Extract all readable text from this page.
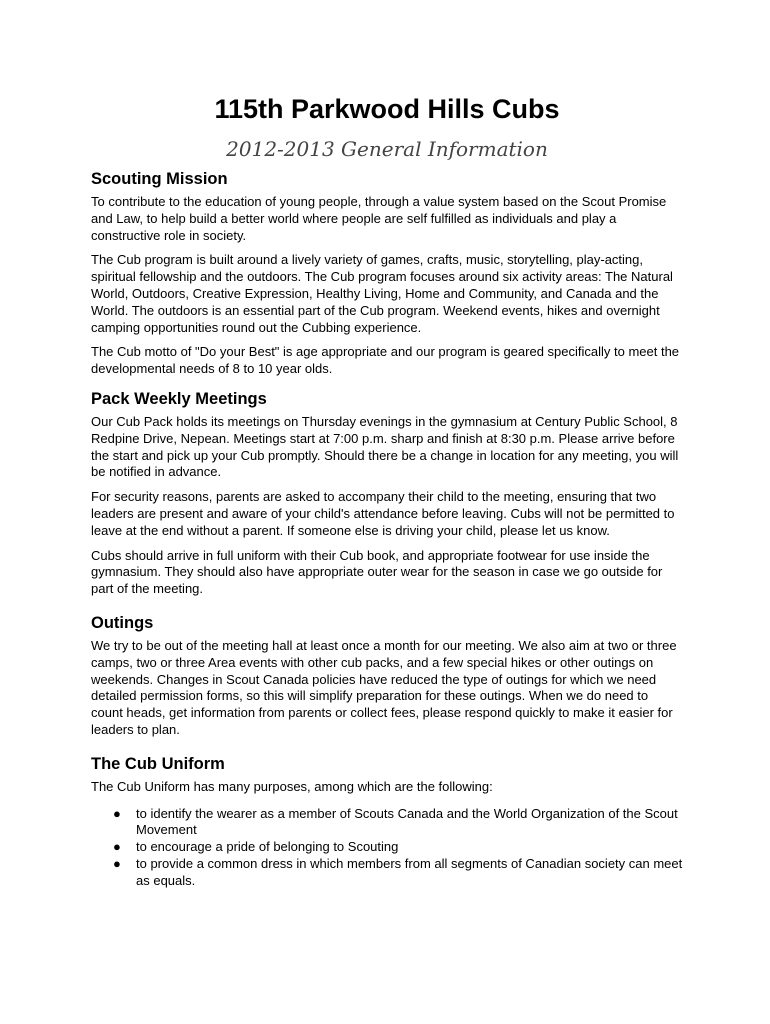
115th Parkwood Hills Cubs
2012-2013 General Information
Scouting Mission

To contribute to the education of young people, through a value system based on the Scout Promise and Law, to help build a better world where people are self fulfilled as individuals and play a constructive role in society.

The Cub program is built around a lively variety of games, crafts, music, storytelling, play-acting, spiritual fellowship and the outdoors. The Cub program focuses around six activity areas: The Natural World, Outdoors, Creative Expression, Healthy Living, Home and Community, and Canada and the World. The outdoors is an essential part of the Cub program. Weekend events, hikes and overnight camping opportunities round out the Cubbing experience.

The Cub motto of "Do your Best" is age appropriate and our program is geared specifically to meet the developmental needs of 8 to 10 year olds.

Pack Weekly Meetings

Our Cub Pack holds its meetings on Thursday evenings in the gymnasium at Century Public School, 8 Redpine Drive, Nepean. Meetings start at 7:00 p.m. sharp and finish at 8:30 p.m. Please arrive before the start and pick up your Cub promptly. Should there be a change in location for any meeting, you will be notified in advance.

For security reasons, parents are asked to accompany their child to the meeting, ensuring that two leaders are present and aware of your child's attendance before leaving. Cubs will not be permitted to leave at the end without a parent. If someone else is driving your child, please let us know.

Cubs should arrive in full uniform with their Cub book, and appropriate footwear for use inside the gymnasium. They should also have appropriate outer wear for the season in case we go outside for part of the meeting.

Outings

We try to be out of the meeting hall at least once a month for our meeting. We also aim at two or three camps, two or three Area events with other cub packs, and a few special hikes or other outings on weekends. Changes in Scout Canada policies have reduced the type of outings for which we need detailed permission forms, so this will simplify preparation for these outings. When we do need to count heads, get information from parents or collect fees, please respond quickly to make it easier for leaders to plan.

The Cub Uniform

The Cub Uniform has many purposes, among which are the following:

● to identify the wearer as a member of Scouts Canada and the World Organization of the Scout Movement
● to encourage a pride of belonging to Scouting
● to provide a common dress in which members from all segments of Canadian society can meet as equals.
